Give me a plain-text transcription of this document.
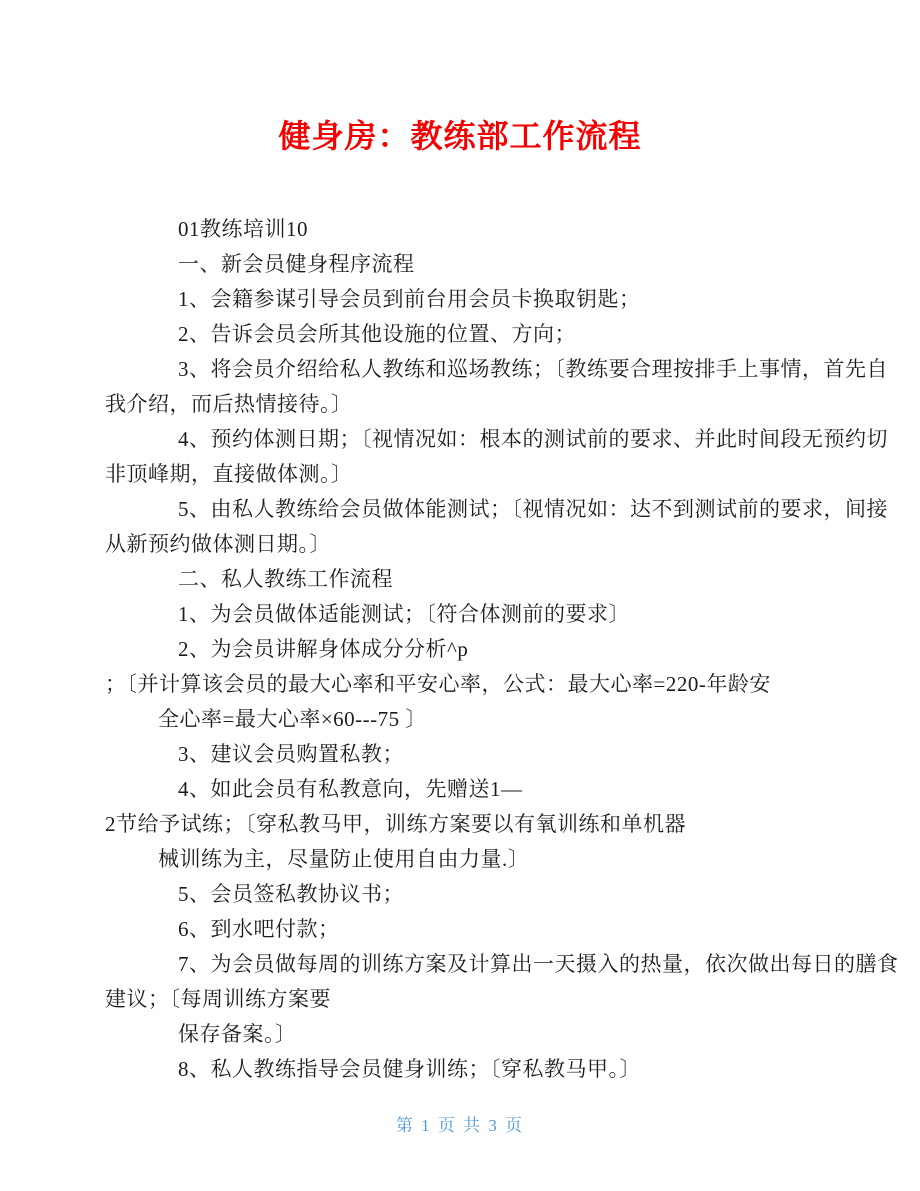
健身房：教练部工作流程
01教练培训10
一、新会员健身程序流程
1、会籍参谋引导会员到前台用会员卡换取钥匙；
2、告诉会员会所其他设施的位置、方向；
3、将会员介绍给私人教练和巡场教练；〔教练要合理按排手上事情，首先自
我介绍，而后热情接待。〕
4、预约体测日期；〔视情况如：根本的测试前的要求、并此时间段无预约切
非顶峰期，直接做体测。〕
5、由私人教练给会员做体能测试；〔视情况如：达不到测试前的要求，间接
从新预约做体测日期。〕
二、私人教练工作流程
1、为会员做体适能测试；〔符合体测前的要求〕
2、为会员讲解身体成分分析^p
；〔并计算该会员的最大心率和平安心率，公式：最大心率=220-年龄安
全心率=最大心率×60---75 〕
3、建议会员购置私教；
4、如此会员有私教意向，先赠送1—
2节给予试练；〔穿私教马甲，训练方案要以有氧训练和单机器
械训练为主，尽量防止使用自由力量.〕
5、会员签私教协议书；
6、到水吧付款；
7、为会员做每周的训练方案及计算出一天摄入的热量，依次做出每日的膳食
建议；〔每周训练方案要
保存备案。〕
8、私人教练指导会员健身训练；〔穿私教马甲。〕
第 1 页 共 3 页
